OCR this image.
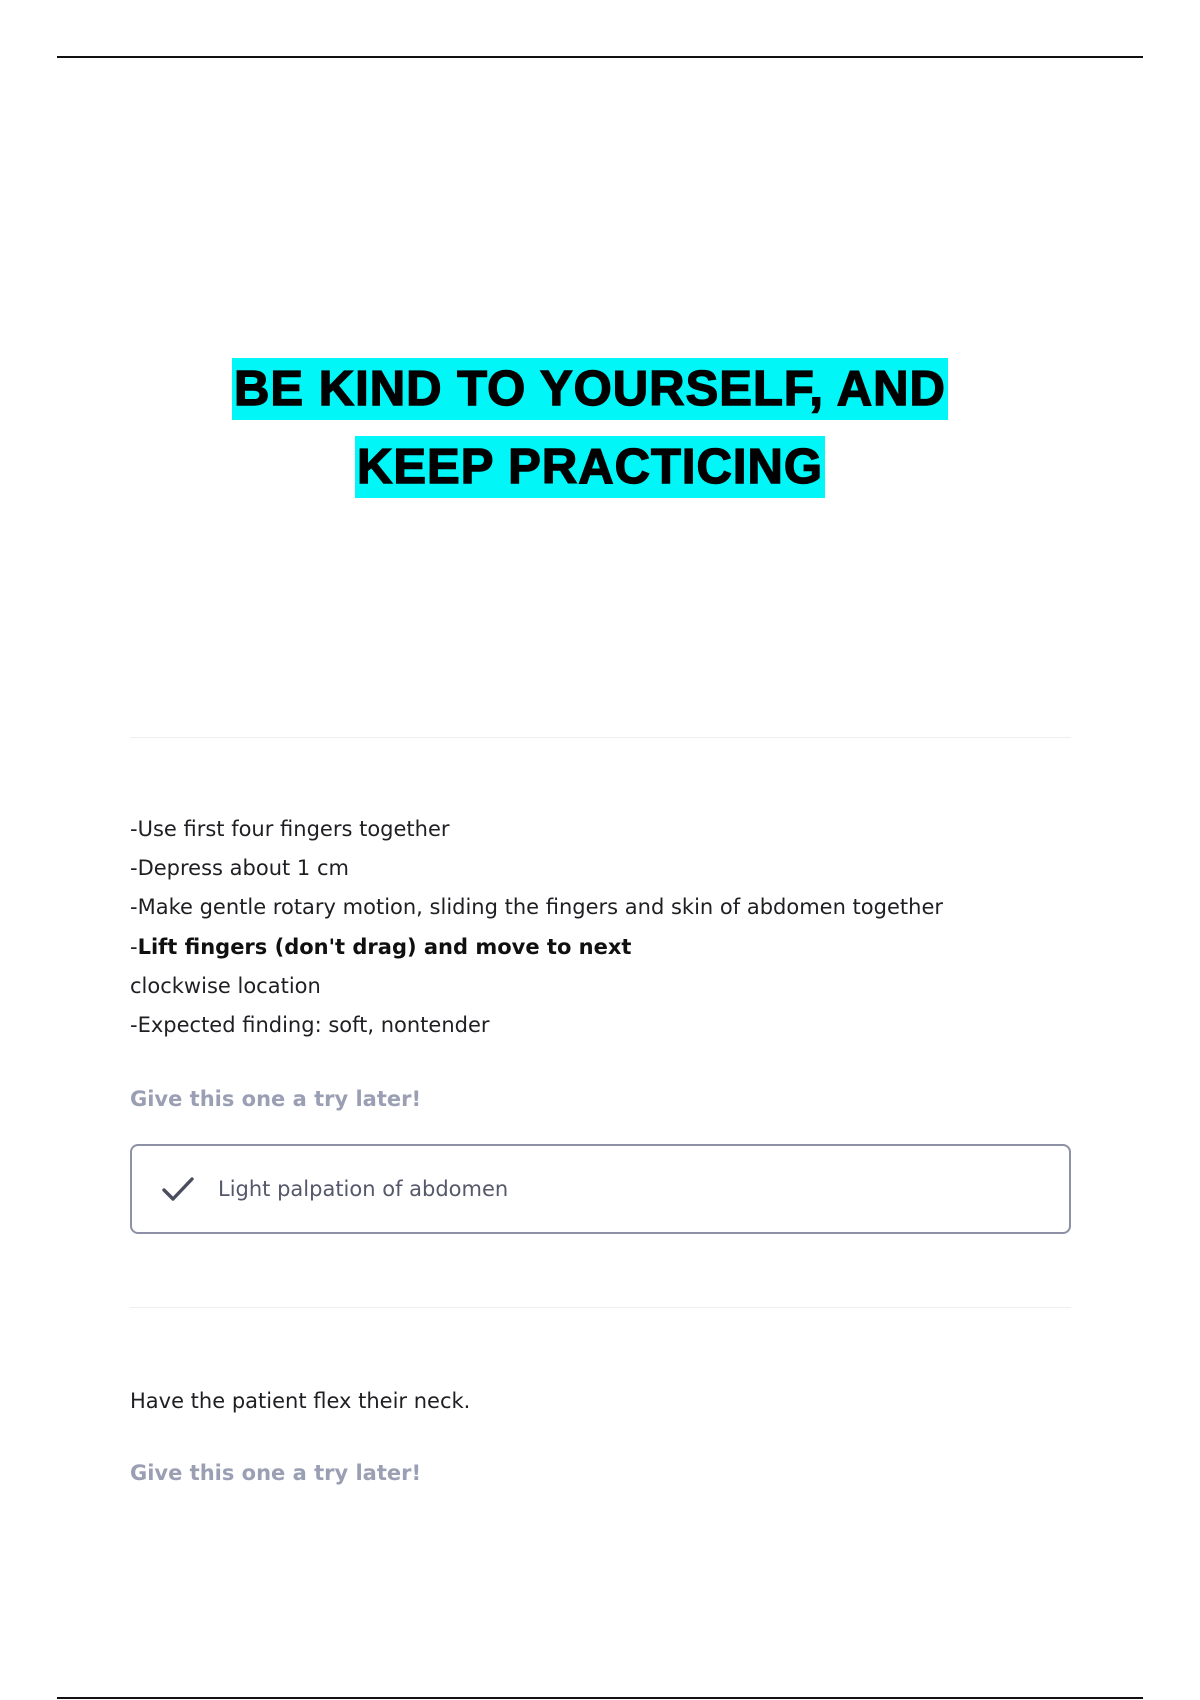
BE KIND TO YOURSELF, AND
KEEP PRACTICING
-Use first four fingers together
-Depress about 1 cm
-Make gentle rotary motion, sliding the fingers and skin of abdomen together
-Lift fingers (don't drag) and move to next
clockwise location
-Expected finding: soft, nontender
Give this one a try later!
Light palpation of abdomen
Have the patient flex their neck.
Give this one a try later!
